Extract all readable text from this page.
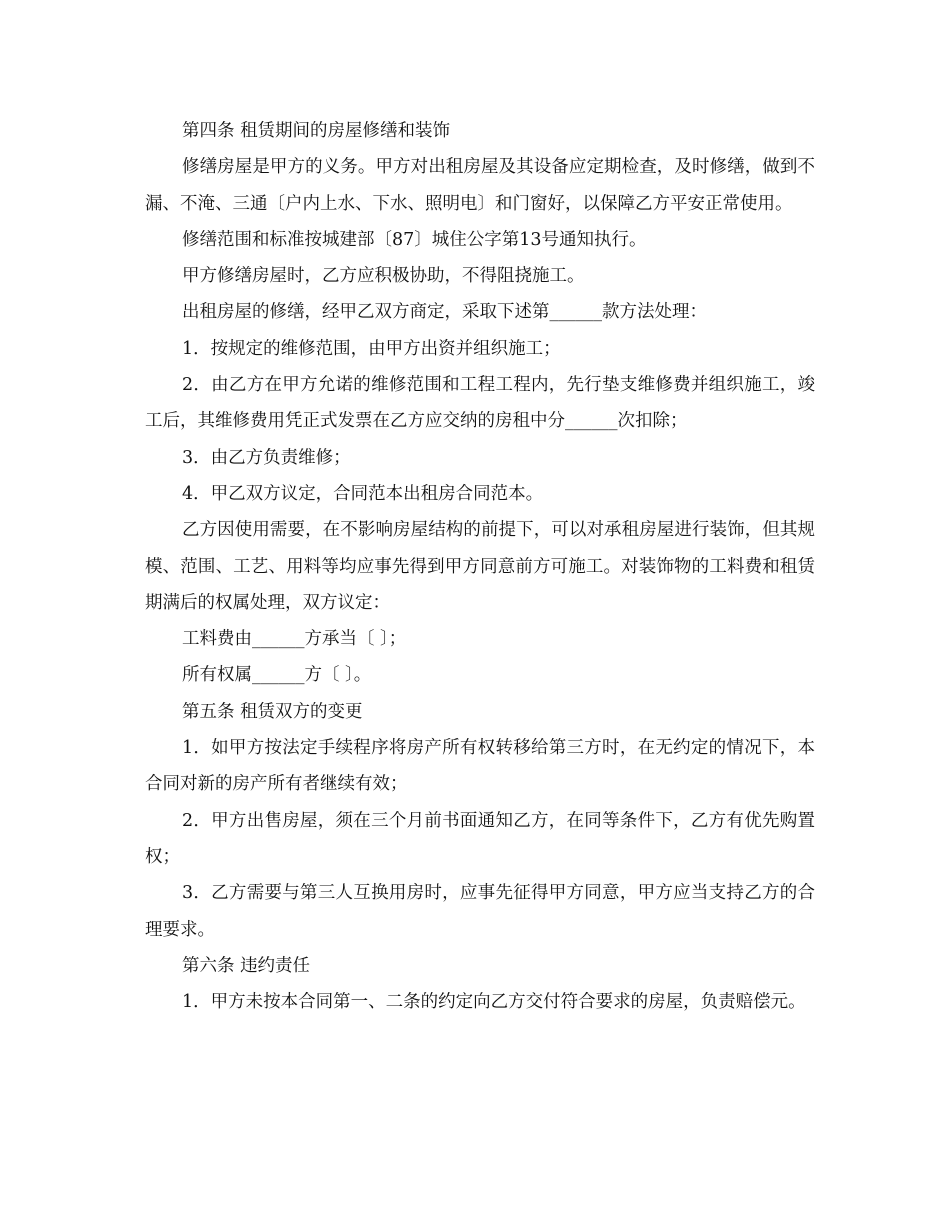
第四条 租赁期间的房屋修缮和装饰

修缮房屋是甲方的义务。甲方对出租房屋及其设备应定期检查，及时修缮，做到不漏、不淹、三通〔户内上水、下水、照明电〕和门窗好，以保障乙方平安正常使用。

修缮范围和标准按城建部〔87〕城住公字第13号通知执行。

甲方修缮房屋时，乙方应积极协助，不得阻挠施工。

出租房屋的修缮，经甲乙双方商定，采取下述第______款方法处理：

1．按规定的维修范围，由甲方出资并组织施工；

2．由乙方在甲方允诺的维修范围和工程工程内，先行垫支维修费并组织施工，竣工后，其维修费用凭正式发票在乙方应交纳的房租中分______次扣除；

3．由乙方负责维修；

4．甲乙双方议定，合同范本出租房合同范本。

乙方因使用需要，在不影响房屋结构的前提下，可以对承租房屋进行装饰，但其规模、范围、工艺、用料等均应事先得到甲方同意前方可施工。对装饰物的工料费和租赁期满后的权属处理，双方议定：

工料费由______方承当〔 〕；

所有权属______方〔 〕。

第五条 租赁双方的变更

1．如甲方按法定手续程序将房产所有权转移给第三方时，在无约定的情况下，本合同对新的房产所有者继续有效；

2．甲方出售房屋，须在三个月前书面通知乙方，在同等条件下，乙方有优先购置权；

3．乙方需要与第三人互换用房时，应事先征得甲方同意，甲方应当支持乙方的合理要求。

第六条 违约责任

1．甲方未按本合同第一、二条的约定向乙方交付符合要求的房屋，负责赔偿元。
